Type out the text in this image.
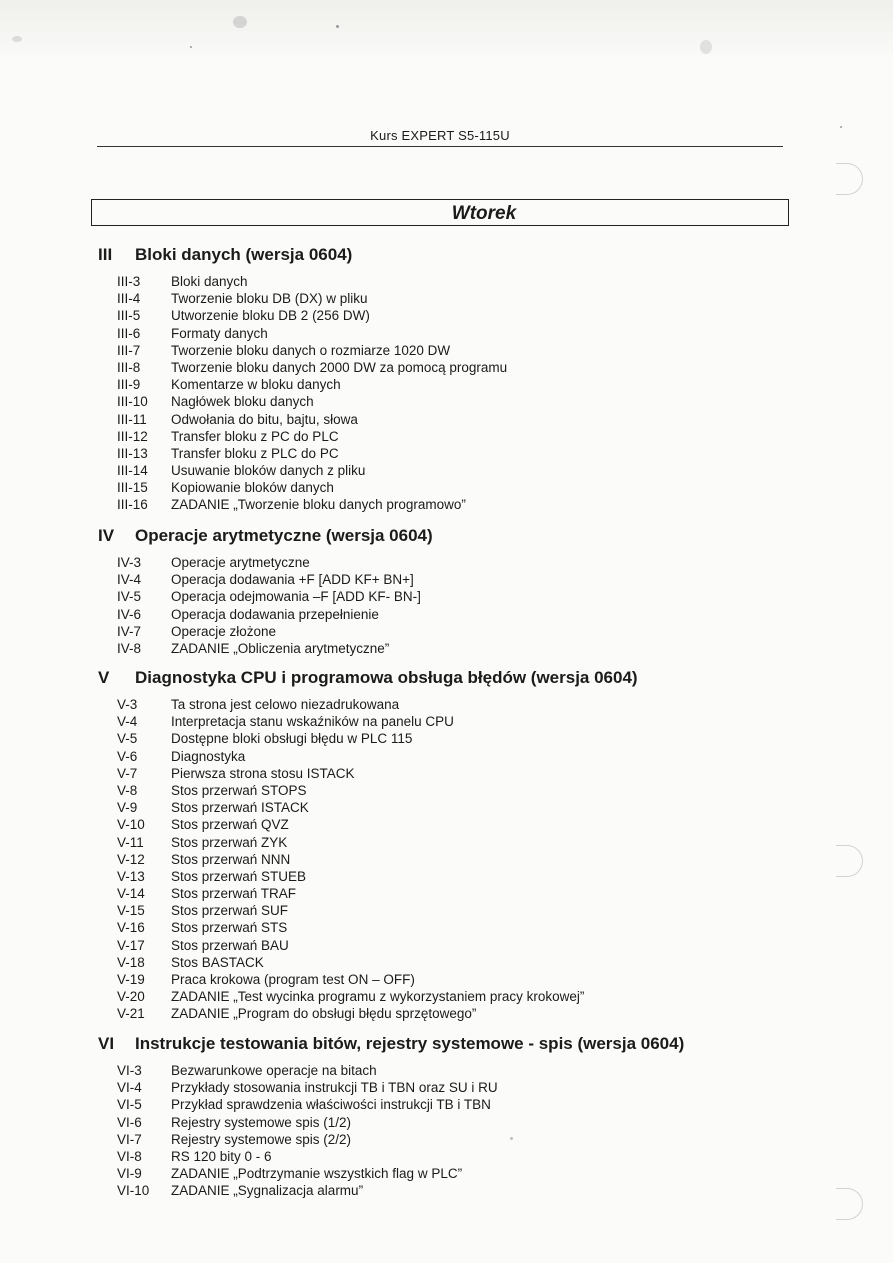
Kurs EXPERT S5-115U
Wtorek
III Bloki danych (wersja 0604)
III-3 Bloki danych
III-4 Tworzenie bloku DB (DX) w pliku
III-5 Utworzenie bloku DB 2 (256 DW)
III-6 Formaty danych
III-7 Tworzenie bloku danych o rozmiarze 1020 DW
III-8 Tworzenie bloku danych 2000 DW za pomocą programu
III-9 Komentarze w bloku danych
III-10 Nagłówek bloku danych
III-11 Odwołania do bitu, bajtu, słowa
III-12 Transfer bloku z PC do PLC
III-13 Transfer bloku z PLC do PC
III-14 Usuwanie bloków danych z pliku
III-15 Kopiowanie bloków danych
III-16 ZADANIE „Tworzenie bloku danych programowo”
IV Operacje arytmetyczne (wersja 0604)
IV-3 Operacje arytmetyczne
IV-4 Operacja dodawania +F [ADD KF+ BN+]
IV-5 Operacja odejmowania –F [ADD KF- BN-]
IV-6 Operacja dodawania przepełnienie
IV-7 Operacje złożone
IV-8 ZADANIE „Obliczenia arytmetyczne”
V Diagnostyka CPU i programowa obsługa błędów (wersja 0604)
V-3 Ta strona jest celowo niezadrukowana
V-4 Interpretacja stanu wskaźników na panelu CPU
V-5 Dostępne bloki obsługi błędu w PLC 115
V-6 Diagnostyka
V-7 Pierwsza strona stosu ISTACK
V-8 Stos przerwań STOPS
V-9 Stos przerwań ISTACK
V-10 Stos przerwań QVZ
V-11 Stos przerwań ZYK
V-12 Stos przerwań NNN
V-13 Stos przerwań STUEB
V-14 Stos przerwań TRAF
V-15 Stos przerwań SUF
V-16 Stos przerwań STS
V-17 Stos przerwań BAU
V-18 Stos BASTACK
V-19 Praca krokowa (program test ON – OFF)
V-20 ZADANIE „Test wycinka programu z wykorzystaniem pracy krokowej”
V-21 ZADANIE „Program do obsługi błędu sprzętowego”
VI Instrukcje testowania bitów, rejestry systemowe - spis (wersja 0604)
VI-3 Bezwarunkowe operacje na bitach
VI-4 Przykłady stosowania instrukcji TB i TBN oraz SU i RU
VI-5 Przykład sprawdzenia właściwości instrukcji TB i TBN
VI-6 Rejestry systemowe spis (1/2)
VI-7 Rejestry systemowe spis (2/2)
VI-8 RS 120 bity 0 - 6
VI-9 ZADANIE „Podtrzymanie wszystkich flag w PLC”
VI-10 ZADANIE „Sygnalizacja alarmu”
